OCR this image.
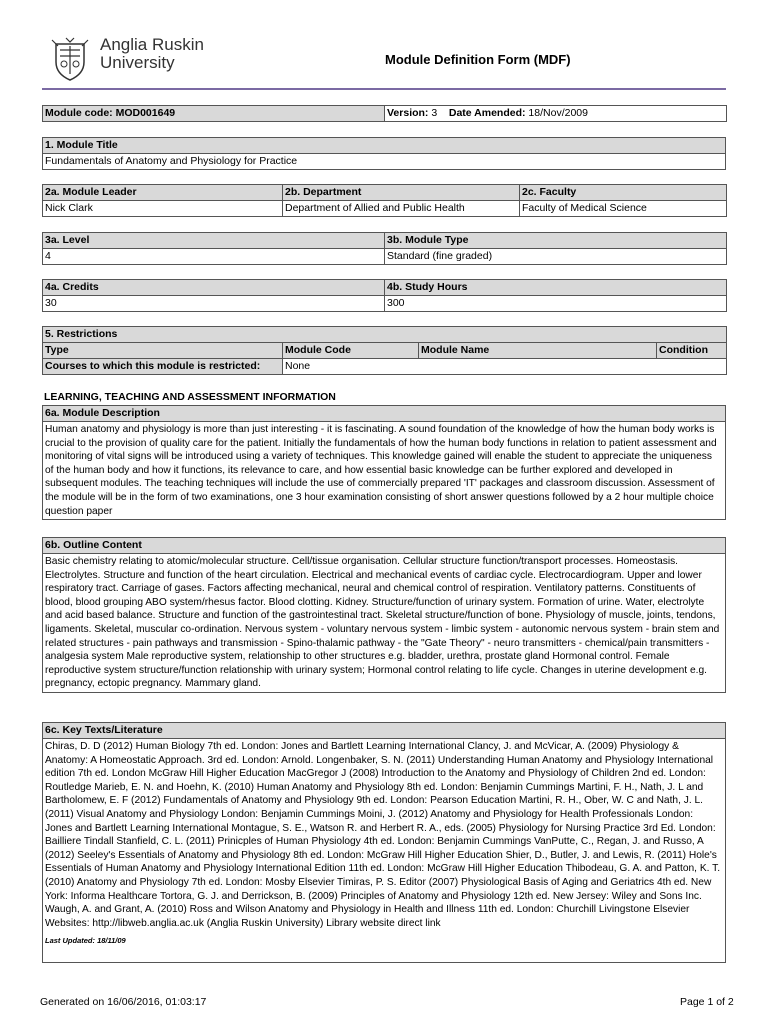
Anglia Ruskin
University	Module Definition Form (MDF)
Module code: MOD001649	Version: 3 Date Amended: 18/Nov/2009
1. Module Title
Fundamentals of Anatomy and Physiology for Practice
2a. Module Leader	2b. Department	2c. Faculty
Nick Clark	Department of Allied and Public Health	Faculty of Medical Science
3a. Level	3b. Module Type
4	Standard (fine graded)
4a. Credits	4b. Study Hours
30	300
5. Restrictions			
Type	Module Code	Module Name	Condition
Courses to which this module is restricted:	None		
LEARNING, TEACHING AND ASSESSMENT INFORMATION
6a. Module Description
Human anatomy and physiology is more than just interesting - it is fascinating. A sound foundation of the knowledge of how the human body works is crucial to the provision of quality care for the patient. Initially the fundamentals of how the human body functions in relation to patient assessment and monitoring of vital signs will be introduced using a variety of techniques. This knowledge gained will enable the student to appreciate the uniqueness of the human body and how it functions, its relevance to care, and how essential basic knowledge can be further explored and developed in subsequent modules. The teaching techniques will include the use of commercially prepared 'IT' packages and classroom discussion. Assessment of the module will be in the form of two examinations, one 3 hour examination consisting of short answer questions followed by a 2 hour multiple choice question paper
6b. Outline Content
Basic chemistry relating to atomic/molecular structure. Cell/tissue organisation. Cellular structure function/transport processes. Homeostasis. Electrolytes. Structure and function of the heart circulation. Electrical and mechanical events of cardiac cycle. Electrocardiogram. Upper and lower respiratory tract. Carriage of gases. Factors affecting mechanical, neural and chemical control of respiration. Ventilatory patterns. Constituents of blood, blood grouping ABO system/rhesus factor. Blood clotting. Kidney. Structure/function of urinary system. Formation of urine. Water, electrolyte and acid based balance. Structure and function of the gastrointestinal tract. Skeletal structure/function of bone. Physiology of muscle, joints, tendons, ligaments. Skeletal, muscular co-ordination. Nervous system - voluntary nervous system - limbic system - autonomic nervous system - brain stem and related structures - pain pathways and transmission - Spino-thalamic pathway - the "Gate Theory" - neuro transmitters - chemical/pain transmitters - analgesia system Male reproductive system, relationship to other structures e.g. bladder, urethra, prostate gland Hormonal control. Female reproductive system structure/function relationship with urinary system; Hormonal control relating to life cycle. Changes in uterine development e.g. pregnancy, ectopic pregnancy. Mammary gland.
6c. Key Texts/Literature

Chiras, D. D (2012) Human Biology 7th ed. London: Jones and Bartlett Learning International Clancy, J. and McVicar, A. (2009) Physiology & Anatomy: A Homeostatic Approach. 3rd ed. London: Arnold. Longenbaker, S. N. (2011) Understanding Human Anatomy and Physiology International edition 7th ed. London McGraw Hill Higher Education MacGregor J (2008) Introduction to the Anatomy and Physiology of Children 2nd ed. London: Routledge Marieb, E. N. and Hoehn, K. (2010) Human Anatomy and Physiology 8th ed. London: Benjamin Cummings Martini, F. H., Nath, J. L and Bartholomew, E. F (2012) Fundamentals of Anatomy and Physiology 9th ed. London: Pearson Education Martini, R. H., Ober, W. C and Nath, J. L. (2011) Visual Anatomy and Physiology London: Benjamin Cummings Moini, J. (2012) Anatomy and Physiology for Health Professionals London: Jones and Bartlett Learning International Montague, S. E., Watson R. and Herbert R. A., eds. (2005) Physiology for Nursing Practice 3rd Ed. London: Bailliere Tindall Stanfield, C. L. (2011) Prinicples of Human Physiology 4th ed. London: Benjamin Cummings VanPutte, C., Regan, J. and Russo, A (2012) Seeley's Essentials of Anatomy and Physiology 8th ed. London: McGraw Hill Higher Education Shier, D., Butler, J. and Lewis, R. (2011) Hole's Essentials of Human Anatomy and Physiology International Edition 11th ed. London: McGraw Hill Higher Education Thibodeau, G. A. and Patton, K. T. (2010) Anatomy and Physiology 7th ed. London: Mosby Elsevier Timiras, P. S. Editor (2007) Physiological Basis of Aging and Geriatrics 4th ed. New York: Informa Healthcare Tortora, G. J. and Derrickson, B. (2009) Principles of Anatomy and Physiology 12th ed. New Jersey: Wiley and Sons Inc. Waugh, A. and Grant, A. (2010) Ross and Wilson Anatomy and Physiology in Health and Illness 11th ed. London: Churchill Livingstone Elsevier Websites: http://libweb.anglia.ac.uk (Anglia Ruskin University) Library website direct link
Last Updated: 18/11/09
Generated on 16/06/2016, 01:03:17	Page 1 of 2
